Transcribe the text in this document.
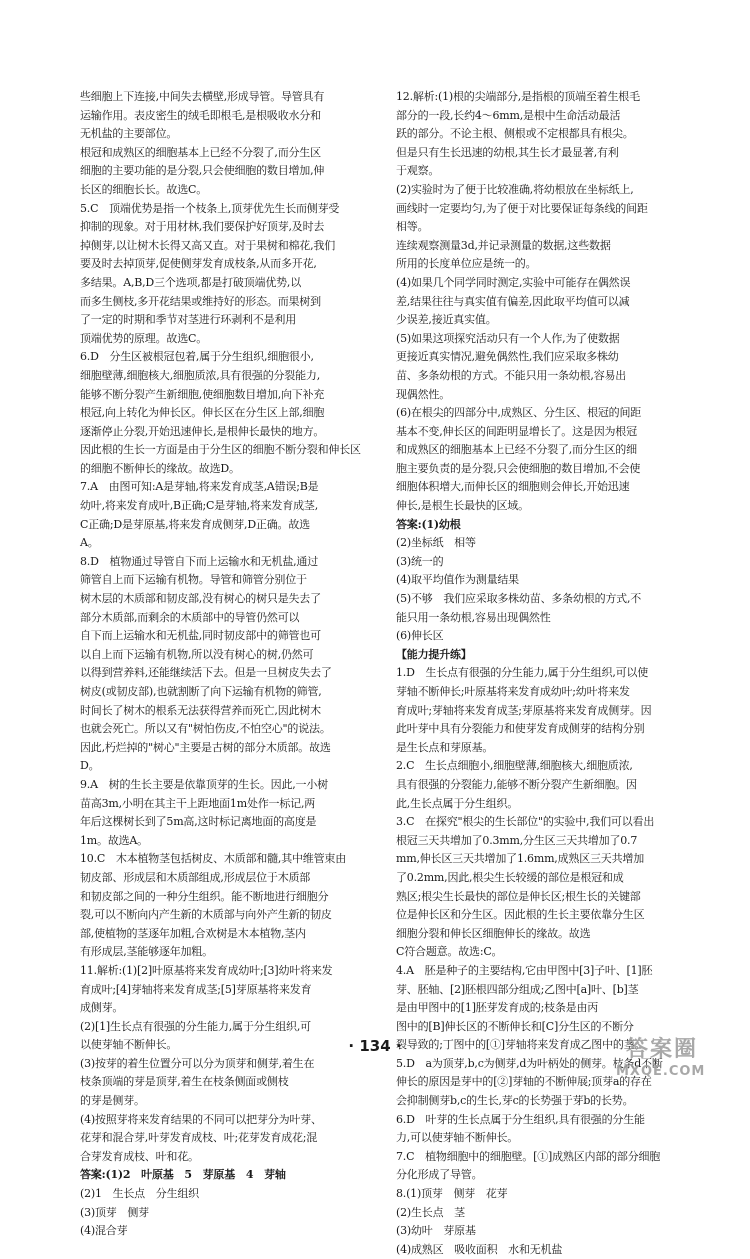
些细胞上下连接,中间失去横壁,形成导管。导管具有

运输作用。表皮密生的绒毛即根毛,是根吸收水分和

无机盐的主要部位。

根冠和成熟区的细胞基本上已经不分裂了,而分生区

细胞的主要功能的是分裂,只会使细胞的数目增加,伸

长区的细胞长长。故选C。

5.C　顶端优势是指一个枝条上,顶芽优先生长而侧芽受

抑制的现象。对于用材林,我们要保护好顶芽,及时去

掉侧芽,以让树木长得又高又直。对于果树和棉花,我们

要及时去掉顶芽,促使侧芽发育成枝条,从而多开花,

多结果。A,B,D三个选项,都是打破顶端优势,以

而多生侧枝,多开花结果或维持好的形态。而果树到

了一定的时期和季节对茎进行环剥利不是利用

顶端优势的原理。故选C。

6.D　分生区被根冠包着,属于分生组织,细胞很小,

细胞壁薄,细胞核大,细胞质浓,具有很强的分裂能力,

能够不断分裂产生新细胞,使细胞数目增加,向下补充

根冠,向上转化为伸长区。伸长区在分生区上部,细胞

逐渐停止分裂,开始迅速伸长,是根伸长最快的地方。

因此根的生长一方面是由于分生区的细胞不断分裂和伸长区

的细胞不断伸长的缘故。故选D。

7.A　由图可知:A是芽轴,将来发育成茎,A错误;B是

幼叶,将来发育成叶,B正确;C是芽轴,将来发育成茎,

C正确;D是芽原基,将来发育成侧芽,D正确。故选

A。

8.D　植物通过导管自下而上运输水和无机盐,通过

筛管自上而下运输有机物。导管和筛管分别位于

树木层的木质部和韧皮部,没有树心的树只是失去了

部分木质部,而剩余的木质部中的导管仍然可以

自下而上运输水和无机盐,同时韧皮部中的筛管也可

以自上而下运输有机物,所以没有树心的树,仍然可

以得到营养料,还能继续活下去。但是一旦树皮失去了

树皮(或韧皮部),也就割断了向下运输有机物的筛管,

时间长了树木的根系无法获得营养而死亡,因此树木

也就会死亡。所以又有"树怕伤皮,不怕空心"的说法。

因此,朽烂掉的"树心"主要是古树的部分木质部。故选

D。

9.A　树的生长主要是依靠顶芽的生长。因此,一小树

苗高3m,小明在其主干上距地面1m处作一标记,两

年后这棵树长到了5m高,这时标记离地面的高度是

1m。故选A。

10.C　木本植物茎包括树皮、木质部和髓,其中维管束由

韧皮部、形成层和木质部组成,形成层位于木质部

和韧皮部之间的一种分生组织。能不断地进行细胞分

裂,可以不断向内产生新的木质部与向外产生新的韧皮

部,使植物的茎逐年加粗,合欢树是木本植物,茎内

有形成层,茎能够逐年加粗。

11.解析:(1)[2]叶原基将来发育成幼叶;[3]幼叶将来发

育成叶;[4]芽轴将来发育成茎;[5]芽原基将来发育

成侧芽。

(2)[1]生长点有很强的分生能力,属于分生组织,可

以使芽轴不断伸长。

(3)按芽的着生位置分可以分为顶芽和侧芽,着生在

枝条顶端的芽是顶芽,着生在枝条侧面或侧枝

的芽是侧芽。

(4)按照芽将来发育结果的不同可以把芽分为叶芽、

花芽和混合芽,叶芽发育成枝、叶;花芽发育成花;混

合芽发育成枝、叶和花。

答案:(1)2　叶原基　5　芽原基　4　芽轴

(2)1　生长点　分生组织

(3)顶芽　侧芽

(4)混合芽

12.解析:(1)根的尖端部分,是指根的顶端至着生根毛

部分的一段,长约4～6mm,是根中生命活动最活

跃的部分。不论主根、侧根或不定根都具有根尖。

但是只有生长迅速的幼根,其生长才最显著,有利

于观察。

(2)实验时为了便于比较准确,将幼根放在坐标纸上,

画线时一定要均匀,为了便于对比要保证每条线的间距

相等。

连续观察测量3d,并记录测量的数据,这些数据

所用的长度单位应是统一的。

(4)如果几个同学同时测定,实验中可能存在偶然误

差,结果往往与真实值有偏差,因此取平均值可以减

少误差,接近真实值。

(5)如果这项探究活动只有一个人作,为了使数据

更接近真实情况,避免偶然性,我们应采取多株幼

苗、多条幼根的方式。不能只用一条幼根,容易出

现偶然性。

(6)在根尖的四部分中,成熟区、分生区、根冠的间距

基本不变,伸长区的间距明显增长了。这是因为根冠

和成熟区的细胞基本上已经不分裂了,而分生区的细

胞主要负责的是分裂,只会使细胞的数目增加,不会使

细胞体积增大,而伸长区的细胞则会伸长,开始迅速

伸长,是根生长最快的区域。

答案:(1)幼根

(2)坐标纸　相等

(3)统一的

(4)取平均值作为测量结果

(5)不够　我们应采取多株幼苗、多条幼根的方式,不

能只用一条幼根,容易出现偶然性

(6)伸长区

【能力提升练】

1.D　生长点有很强的分生能力,属于分生组织,可以使

芽轴不断伸长;叶原基将来发育成幼叶;幼叶将来发

育成叶;芽轴将来发育成茎;芽原基将来发育成侧芽。因

此叶芽中具有分裂能力和使芽发育成侧芽的结构分别

是生长点和芽原基。

2.C　生长点细胞小,细胞壁薄,细胞核大,细胞质浓,

具有很强的分裂能力,能够不断分裂产生新细胞。因

此,生长点属于分生组织。

3.C　在探究"根尖的生长部位"的实验中,我们可以看出

根冠三天共增加了0.3mm,分生区三天共增加了0.7

mm,伸长区三天共增加了1.6mm,成熟区三天共增加

了0.2mm,因此,根尖生长较缓的部位是根冠和成

熟区;根尖生长最快的部位是伸长区;根生长的关键部

位是伸长区和分生区。因此根的生长主要依靠分生区

细胞分裂和伸长区细胞伸长的缘故。故选

C符合题意。故选:C。

4.A　胚是种子的主要结构,它由甲图中[3]子叶、[1]胚

芽、胚轴、[2]胚根四部分组成;乙图中[a]叶、[b]茎

是由甲图中的[1]胚芽发育成的;枝条是由丙

图中的[B]伸长区的不断伸长和[C]分生区的不断分

裂导致的;丁图中的[①]芽轴将来发育成乙图中的茎。

5.D　a为顶芽,b,c为侧芽,d为叶柄处的侧芽。枝条d不断

伸长的原因是芽中的[②]芽轴的不断伸展;顶芽a的存在

会抑制侧芽b,c的生长,芽c的长势强于芽b的长势。

6.D　叶芽的生长点属于分生组织,具有很强的分生能

力,可以使芽轴不断伸长。

7.C　植物细胞中的细胞壁。[①]成熟区内部的部分细胞

分化形成了导管。

8.(1)顶芽　侧芽　花芽

(2)生长点　茎

(3)幼叶　芽原基

(4)成熟区　吸收面积　水和无机盐

· 134 ·	答案圈
MXQE.COM
